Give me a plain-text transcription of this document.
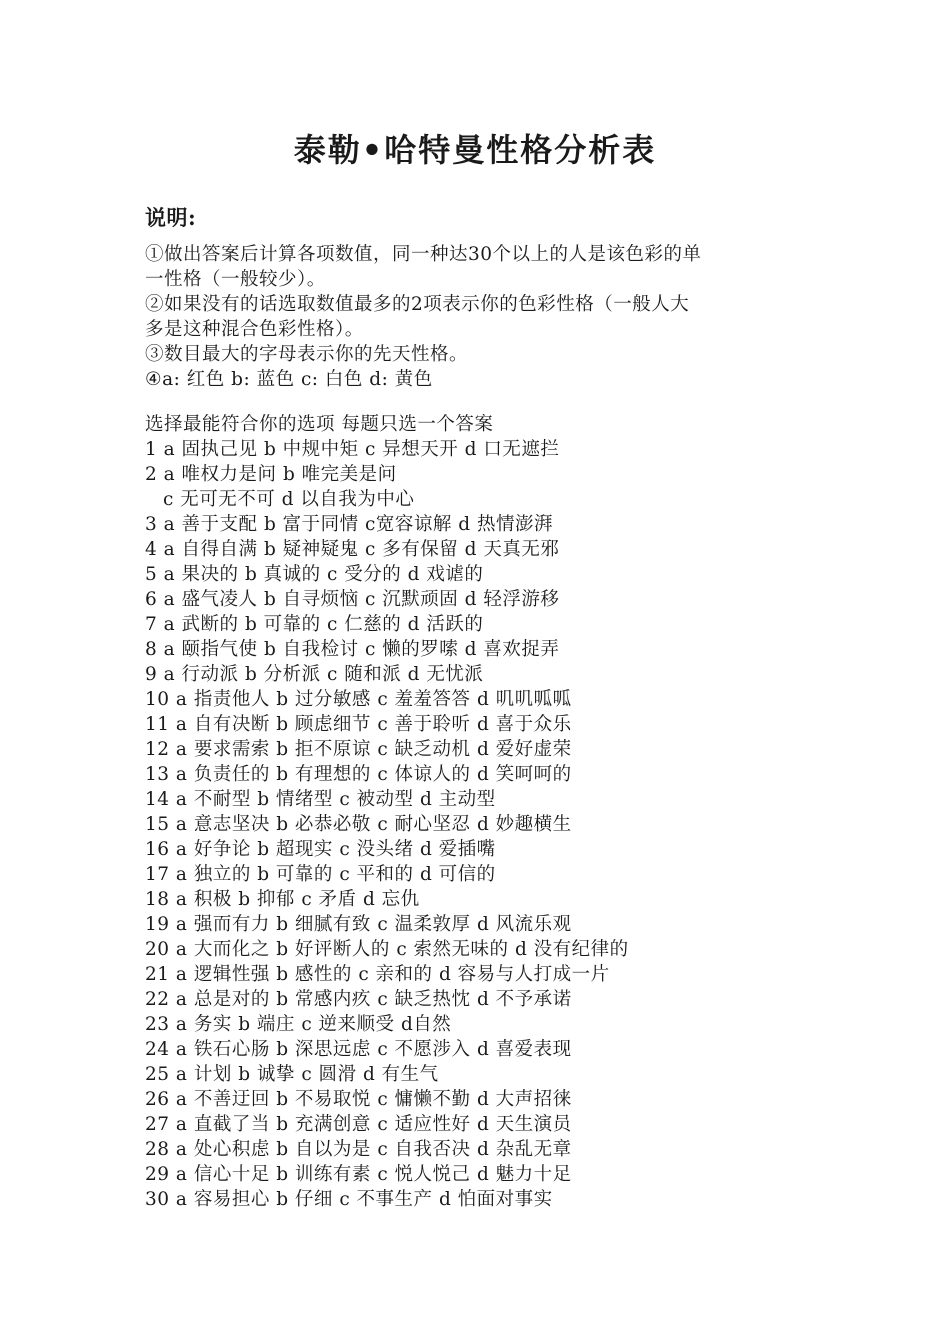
泰勒•哈特曼性格分析表
说明:
①做出答案后计算各项数值，同一种达30个以上的人是该色彩的单
一性格（一般较少）。
②如果没有的话选取数值最多的2项表示你的色彩性格（一般人大
多是这种混合色彩性格）。
③数目最大的字母表示你的先天性格。
④a: 红色 b: 蓝色 c: 白色 d: 黄色
选择最能符合你的选项 每题只选一个答案
1 a 固执己见 b 中规中矩 c 异想天开 d 口无遮拦
2 a 唯权力是问 b 唯完美是问
c 无可无不可 d 以自我为中心
3 a 善于支配 b 富于同情 c宽容谅解 d 热情澎湃
4 a 自得自满 b 疑神疑鬼 c 多有保留 d 天真无邪
5 a 果决的 b 真诚的 c 受分的 d 戏谑的
6 a 盛气凌人 b 自寻烦恼 c 沉默顽固 d 轻浮游移
7 a 武断的 b 可靠的 c 仁慈的 d 活跃的
8 a 颐指气使 b 自我检讨 c 懒的罗嗦 d 喜欢捉弄
9 a 行动派 b 分析派 c 随和派 d 无忧派
10 a 指责他人 b 过分敏感 c 羞羞答答 d 叽叽呱呱
11 a 自有决断 b 顾虑细节 c 善于聆听 d 喜于众乐
12 a 要求需索 b 拒不原谅 c 缺乏动机 d 爱好虚荣
13 a 负责任的 b 有理想的 c 体谅人的 d 笑呵呵的
14 a 不耐型 b 情绪型 c 被动型 d 主动型
15 a 意志坚决 b 必恭必敬 c 耐心坚忍 d 妙趣横生
16 a 好争论 b 超现实 c 没头绪 d 爱插嘴
17 a 独立的 b 可靠的 c 平和的 d 可信的
18 a 积极 b 抑郁 c 矛盾 d 忘仇
19 a 强而有力 b 细腻有致 c 温柔敦厚 d 风流乐观
20 a 大而化之 b 好评断人的 c 索然无味的 d 没有纪律的
21 a 逻辑性强 b 感性的 c 亲和的 d 容易与人打成一片
22 a 总是对的 b 常感内疚 c 缺乏热忱 d 不予承诺
23 a 务实 b 端庄 c 逆来顺受 d自然
24 a 铁石心肠 b 深思远虑 c 不愿涉入 d 喜爱表现
25 a 计划 b 诚挚 c 圆滑 d 有生气
26 a 不善迂回 b 不易取悦 c 慵懒不勤 d 大声招徕
27 a 直截了当 b 充满创意 c 适应性好 d 天生演员
28 a 处心积虑 b 自以为是 c 自我否决 d 杂乱无章
29 a 信心十足 b 训练有素 c 悦人悦己 d 魅力十足
30 a 容易担心 b 仔细 c 不事生产 d 怕面对事实
